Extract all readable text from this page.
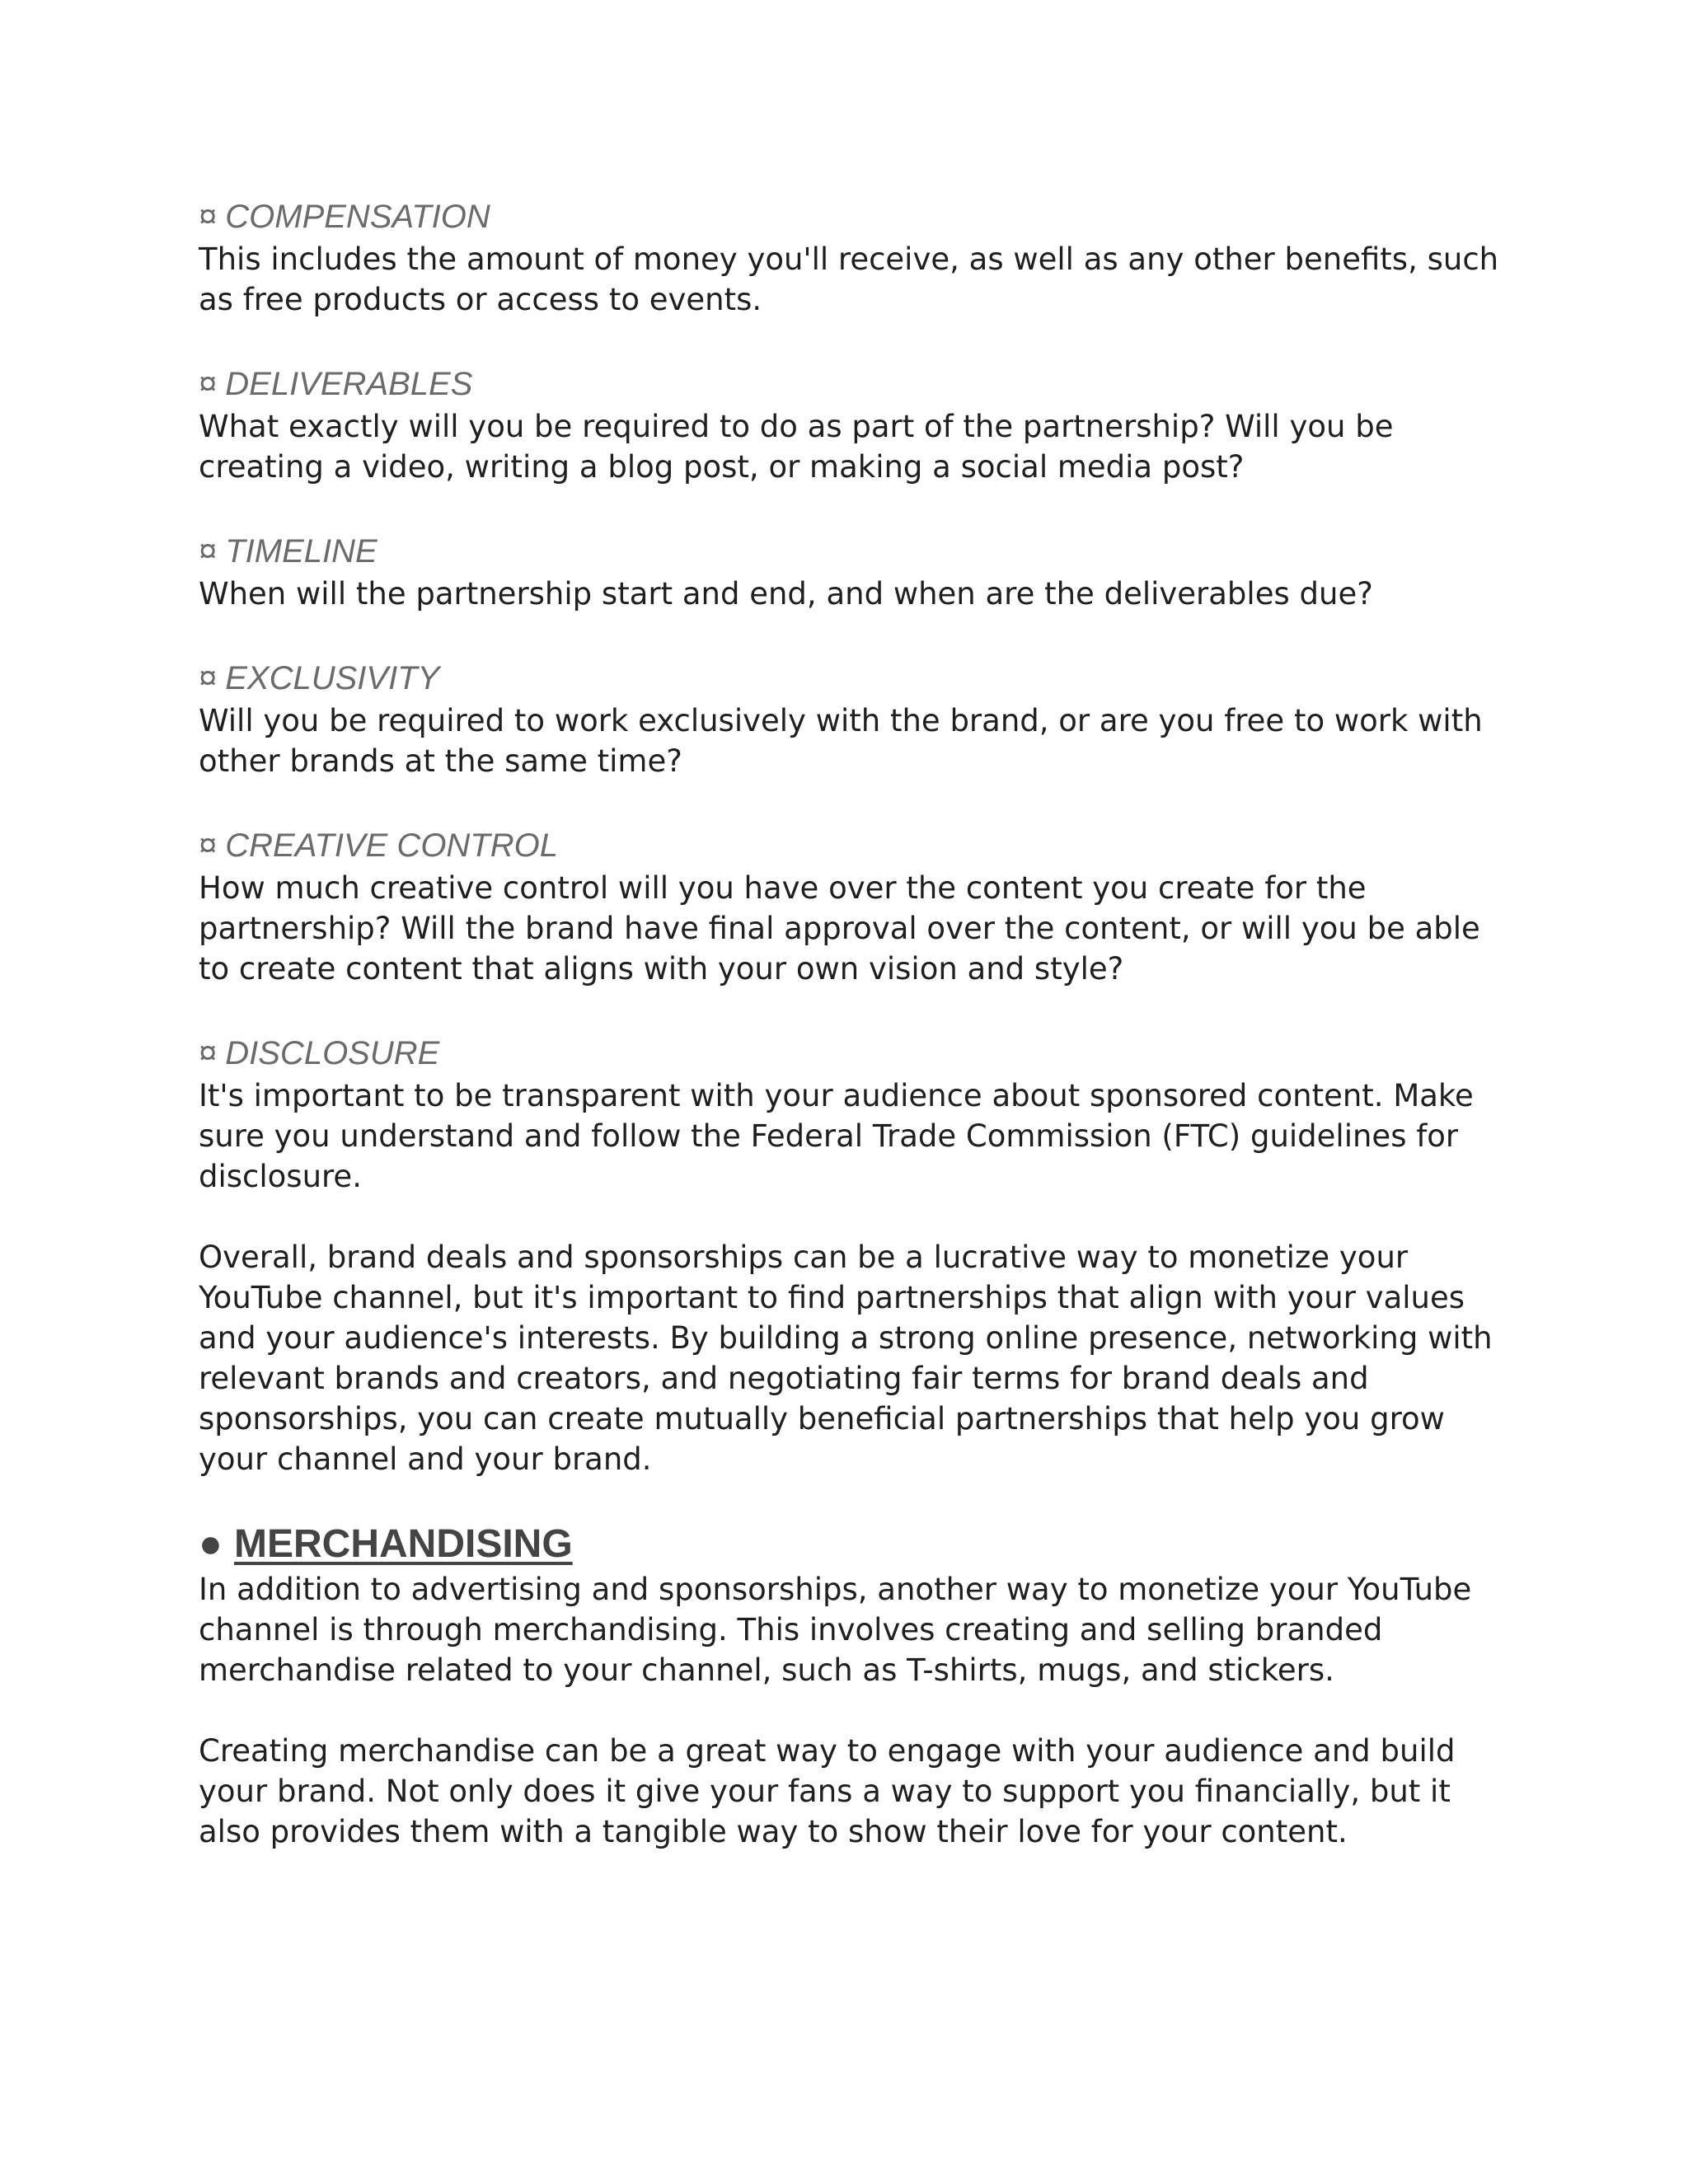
¤ COMPENSATION

This includes the amount of money you'll receive, as well as any other benefits, such as free products or access to events.

¤ DELIVERABLES

What exactly will you be required to do as part of the partnership? Will you be creating a video, writing a blog post, or making a social media post?

¤ TIMELINE

When will the partnership start and end, and when are the deliverables due?

¤ EXCLUSIVITY

Will you be required to work exclusively with the brand, or are you free to work with other brands at the same time?

¤ CREATIVE CONTROL

How much creative control will you have over the content you create for the partnership? Will the brand have final approval over the content, or will you be able to create content that aligns with your own vision and style?

¤ DISCLOSURE

It's important to be transparent with your audience about sponsored content. Make sure you understand and follow the Federal Trade Commission (FTC) guidelines for disclosure.

Overall, brand deals and sponsorships can be a lucrative way to monetize your YouTube channel, but it's important to find partnerships that align with your values and your audience's interests. By building a strong online presence, networking with relevant brands and creators, and negotiating fair terms for brand deals and sponsorships, you can create mutually beneficial partnerships that help you grow your channel and your brand.

● MERCHANDISING

In addition to advertising and sponsorships, another way to monetize your YouTube channel is through merchandising. This involves creating and selling branded merchandise related to your channel, such as T-shirts, mugs, and stickers.

Creating merchandise can be a great way to engage with your audience and build your brand. Not only does it give your fans a way to support you financially, but it also provides them with a tangible way to show their love for your content.
